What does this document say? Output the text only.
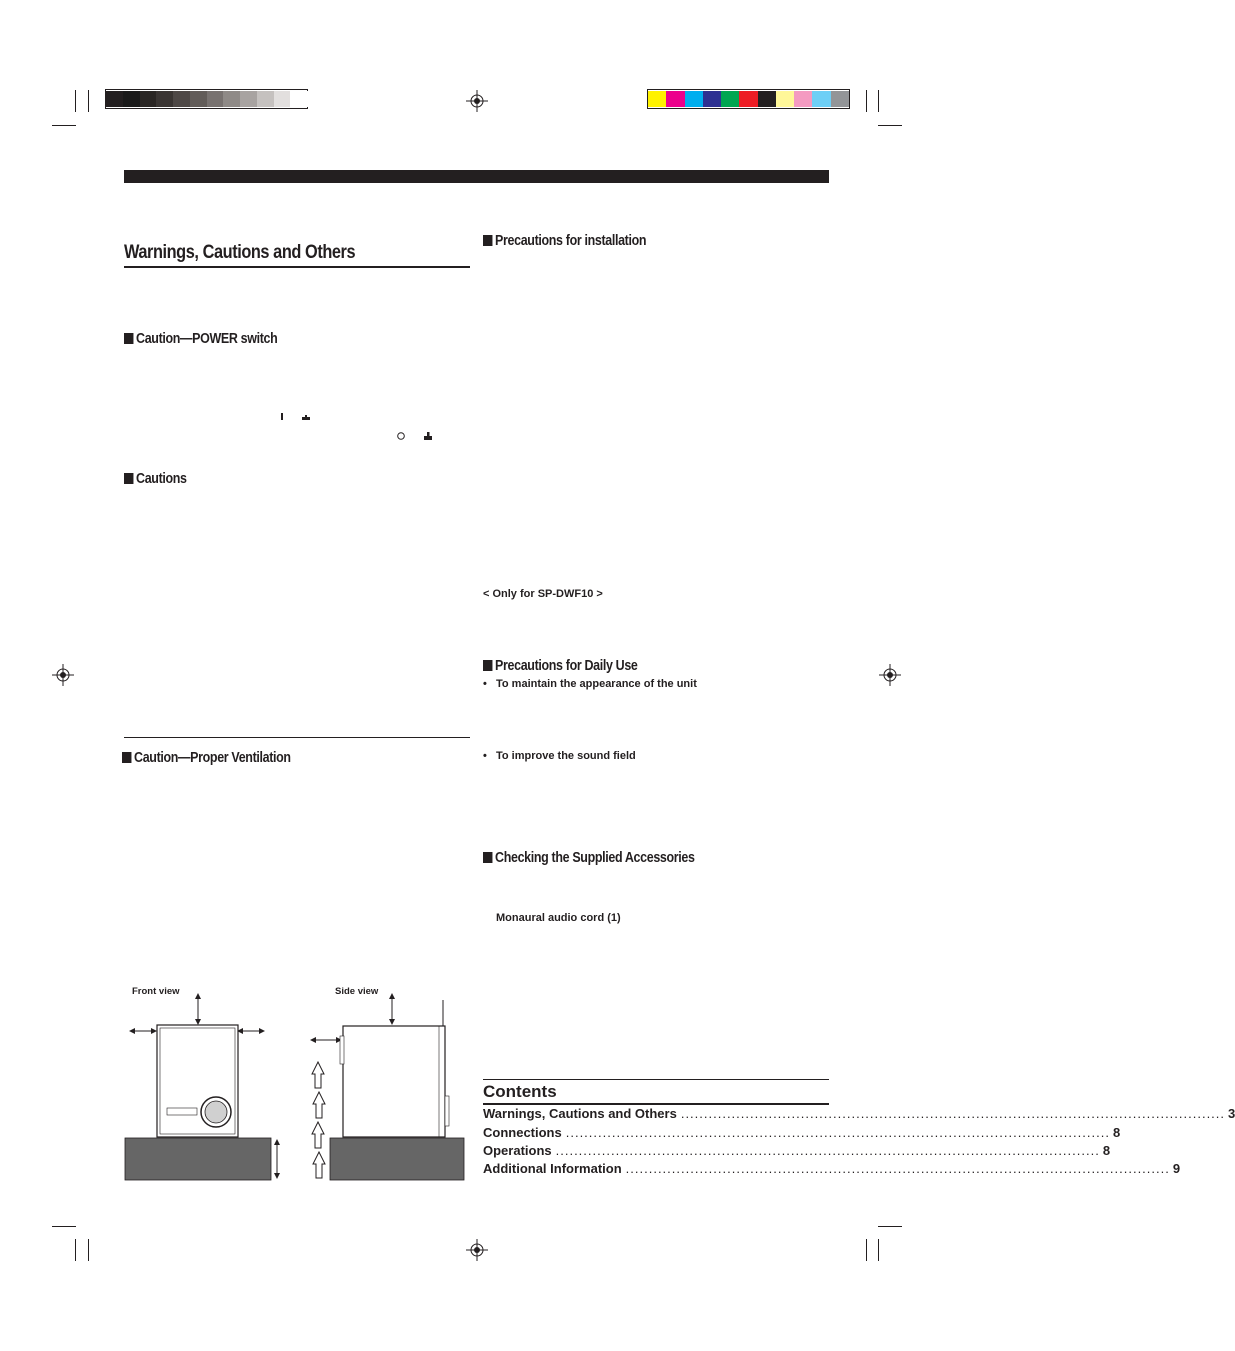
Warnings, Cautions and Others
Caution—POWER switch
Cautions
Caution—Proper Ventilation
Front view	Side view
Precautions for installation
< Only for SP-DWF10 >
Precautions for Daily Use
• To maintain the appearance of the unit
• To improve the sound field
Checking the Supplied Accessories
Monaural audio cord (1)
Contents
Warnings, Cautions and Others ...................................................................................................................... 3
Connections ...................................................................................................................... 8
Operations ...................................................................................................................... 8
Additional Information ...................................................................................................................... 9
